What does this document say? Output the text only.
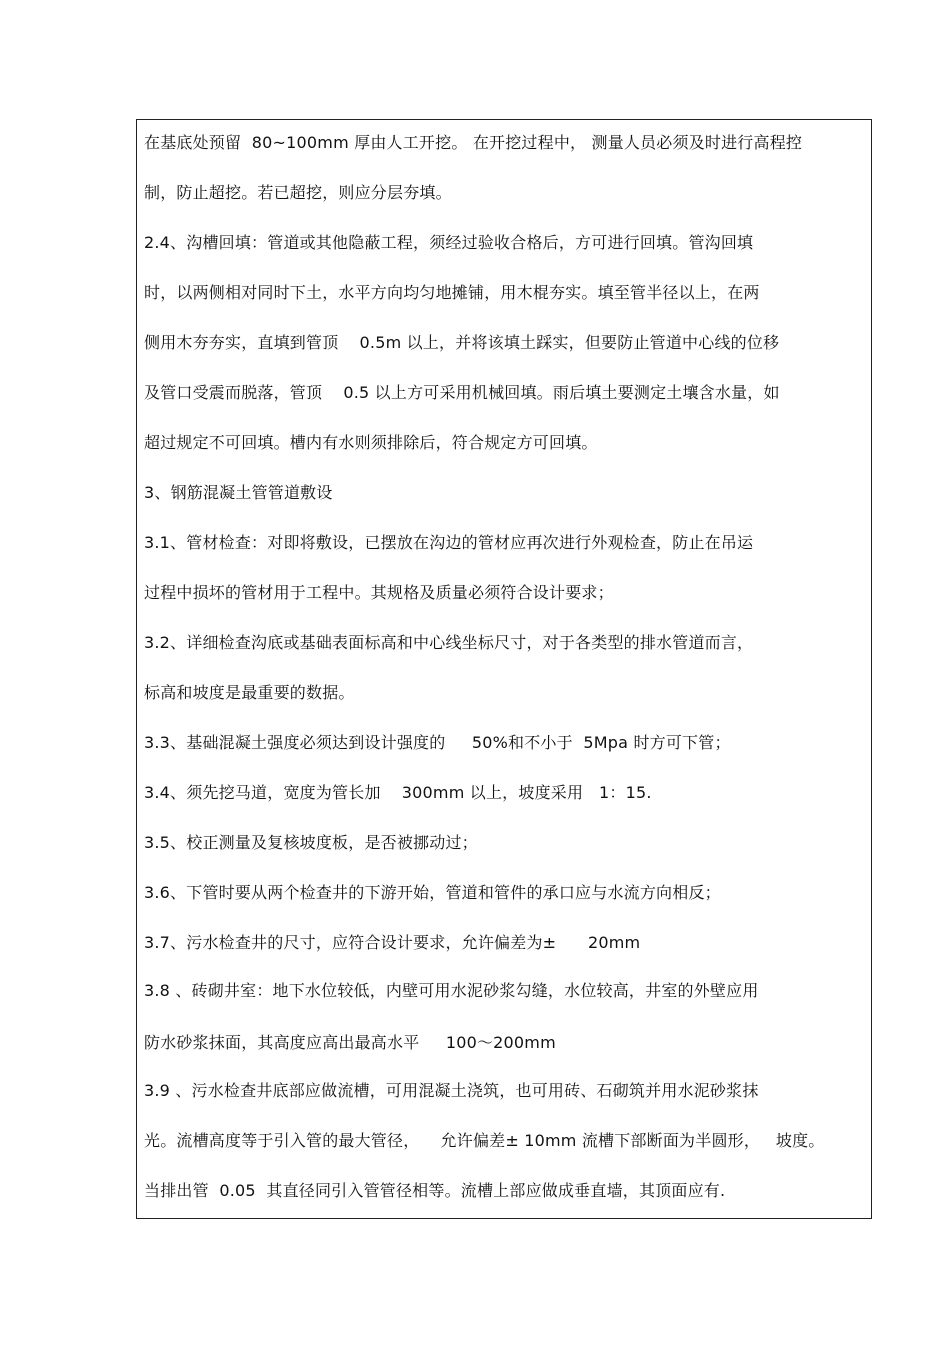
在基底处预留  80~100mm 厚由人工开挖。 在开挖过程中， 测量人员必须及时进行高程控
制，防止超挖。若已超挖，则应分层夯填。
2.4、沟槽回填：管道或其他隐蔽工程，须经过验收合格后，方可进行回填。管沟回填
时，以两侧相对同时下土，水平方向均匀地摊铺，用木棍夯实。填至管半径以上，在两
侧用木夯夯实，直填到管顶    0.5m 以上，并将该填土踩实，但要防止管道中心线的位移
及管口受震而脱落，管顶    0.5 以上方可采用机械回填。雨后填土要测定土壤含水量，如
超过规定不可回填。槽内有水则须排除后，符合规定方可回填。
3、钢筋混凝土管管道敷设
3.1、管材检查：对即将敷设，已摆放在沟边的管材应再次进行外观检查，防止在吊运
过程中损坏的管材用于工程中。其规格及质量必须符合设计要求；
3.2、详细检查沟底或基础表面标高和中心线坐标尺寸，对于各类型的排水管道而言，
标高和坡度是最重要的数据。
3.3、基础混凝土强度必须达到设计强度的     50%和不小于  5Mpa 时方可下管；
3.4、须先挖马道，宽度为管长加    300mm 以上，坡度采用   1：15.
3.5、校正测量及复核坡度板，是否被挪动过；
3.6、下管时要从两个检查井的下游开始，管道和管件的承口应与水流方向相反；
3.7、污水检查井的尺寸，应符合设计要求，允许偏差为±      20mm
3.8 、砖砌井室：地下水位较低，内壁可用水泥砂浆勾缝，水位较高，井室的外壁应用
防水砂浆抹面，其高度应高出最高水平     100～200mm
3.9 、污水检查井底部应做流槽，可用混凝土浇筑，也可用砖、石砌筑并用水泥砂浆抹
光。流槽高度等于引入管的最大管径，    允许偏差± 10mm 流槽下部断面为半圆形，   坡度。
当排出管  0.05  其直径同引入管管径相等。流槽上部应做成垂直墙，其顶面应有.
